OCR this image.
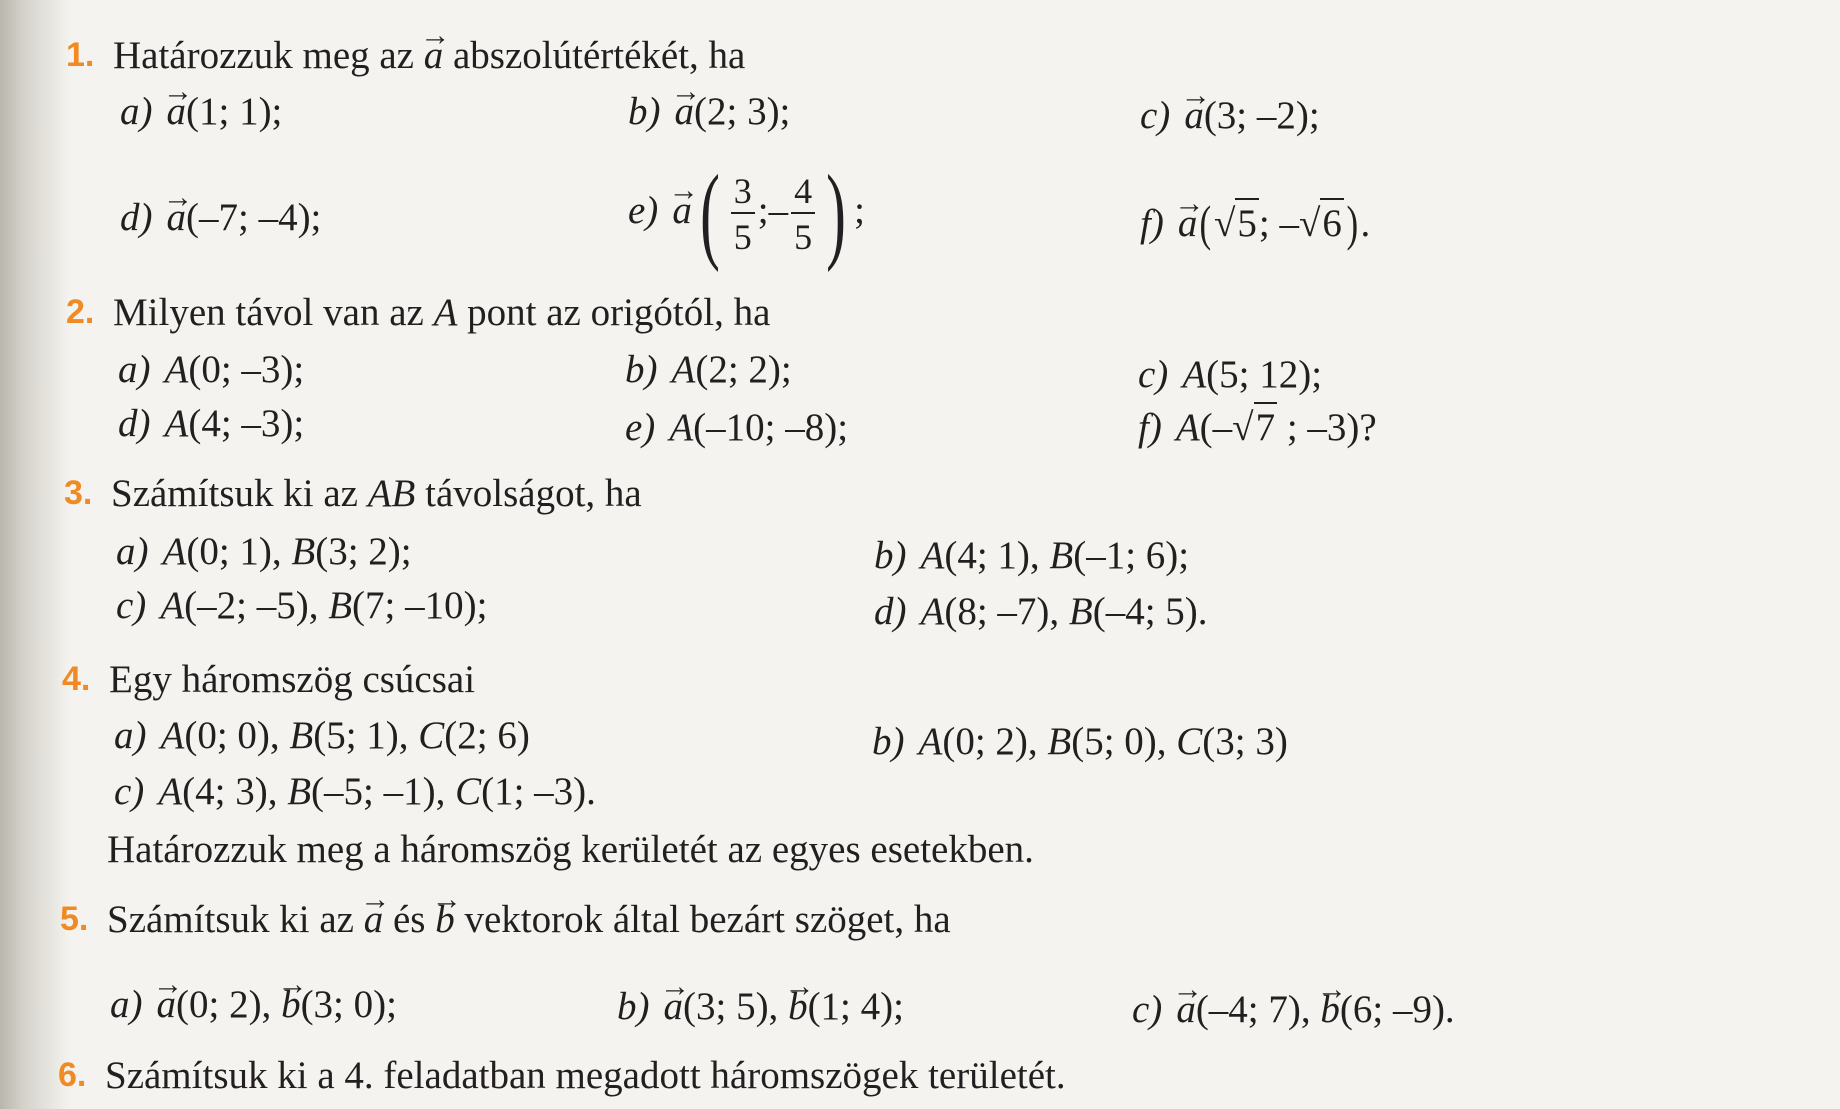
1. Határozzuk meg az → a abszolútértékét, ha
a) → a(1; 1);	b) → a(2; 3);	c) → a(3; –2);
d) → a(–7; –4);	$e) \to a( \frac{3}{5}$ ;– $\frac{4}{5}$ ) ;	f) → a(√5; –√6).
2. Milyen távol van az A pont az origótól, ha
a) A(0; –3);	b) A(2; 2);	c) A(5; 12);
d) A(4; –3);	e) A(–10; –8);	f) A(–√7 ; –3)?
3. Számítsuk ki az AB távolságot, ha
a) A(0; 1), B(3; 2);	b) A(4; 1), B(–1; 6);
c) A(–2; –5), B(7; –10);	d) A(8; –7), B(–4; 5).
4. Egy háromszög csúcsai
a) A(0; 0), B(5; 1), C(2; 6)	b) A(0; 2), B(5; 0), C(3; 3)
c) A(4; 3), B(–5; –1), C(1; –3).
Határozzuk meg a háromszög kerületét az egyes esetekben.
5. Számítsuk ki az → a és → b vektorok által bezárt szöget, ha
a) → a(0; 2), → b(3; 0);	b) → a(3; 5), → b(1; 4);	c) → a(–4; 7), → b(6; –9).
6. Számítsuk ki a 4. feladatban megadott háromszögek területét.
